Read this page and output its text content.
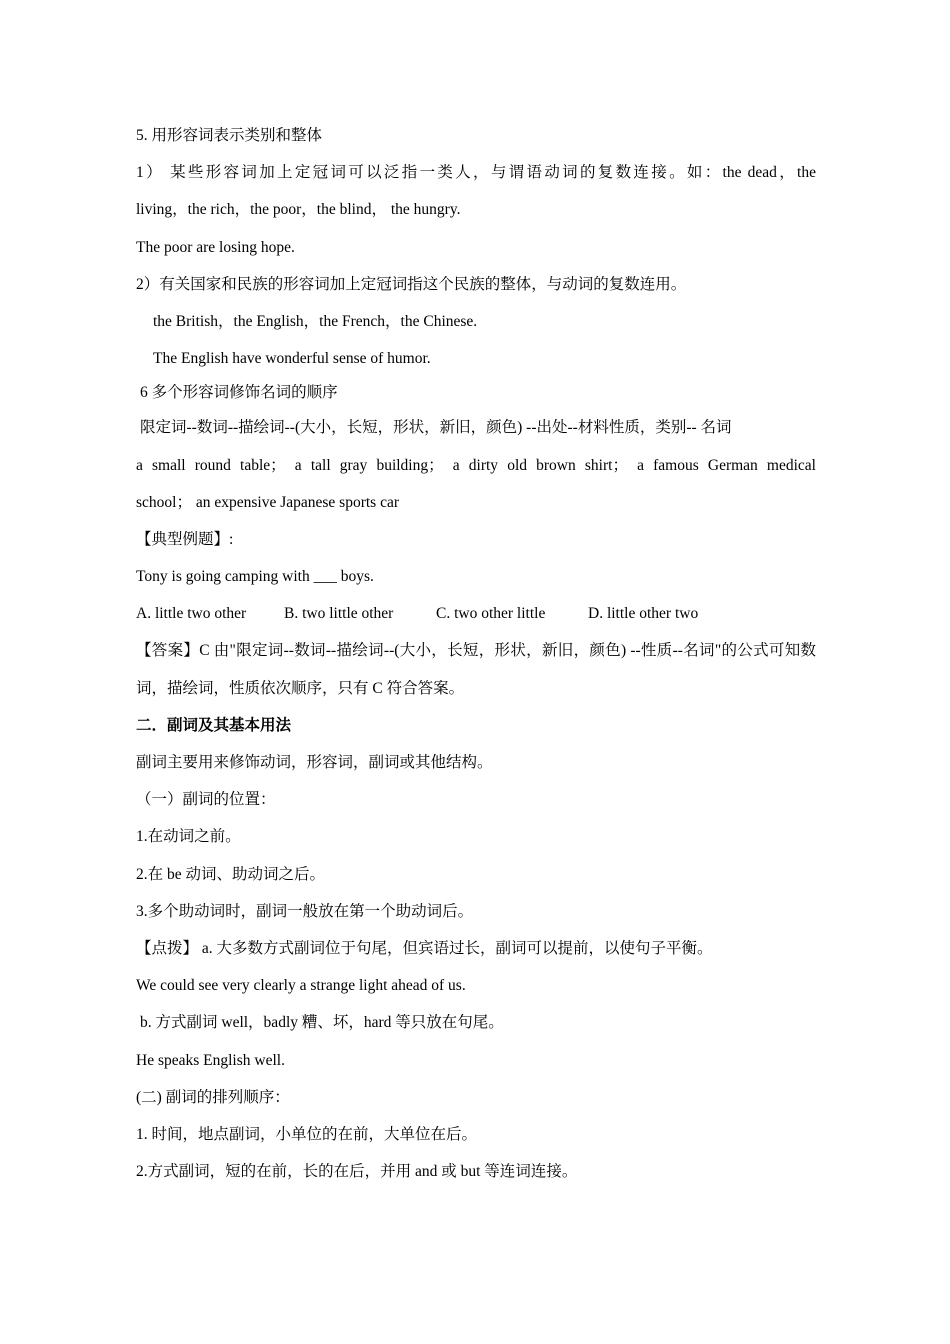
5. 用形容词表示类别和整体
1） 某些形容词加上定冠词可以泛指一类人，与谓语动词的复数连接。如：the dead，the
living，the rich，the poor，the blind， the hungry.
The poor are losing hope.
2）有关国家和民族的形容词加上定冠词指这个民族的整体，与动词的复数连用。
the British，the English，the French，the Chinese.
The English have wonderful sense of humor.
6 多个形容词修饰名词的顺序
限定词--数词--描绘词--(大小，长短，形状，新旧，颜色) --出处--材料性质，类别-- 名词
a small round table； a tall gray building； a dirty old brown shirt； a famous German medical
school； an expensive Japanese sports car
【典型例题】:
Tony is going camping with ___ boys.
A. little two other B. two little other	C. two other little	D. little other two
【答案】C 由"限定词--数词--描绘词--(大小，长短，形状，新旧，颜色) --性质--名词"的公式可知数
词，描绘词，性质依次顺序，只有 C 符合答案。
二．副词及其基本用法
副词主要用来修饰动词，形容词，副词或其他结构。
（一）副词的位置：
1.在动词之前。
2.在 be 动词、助动词之后。
3.多个助动词时，副词一般放在第一个助动词后。
【点拨】 a. 大多数方式副词位于句尾，但宾语过长，副词可以提前，以使句子平衡。
We could see very clearly a strange light ahead of us.
b. 方式副词 well，badly 糟、坏，hard 等只放在句尾。
He speaks English well.
(二) 副词的排列顺序：
1. 时间，地点副词，小单位的在前，大单位在后。
2.方式副词，短的在前，长的在后，并用 and 或 but 等连词连接。
